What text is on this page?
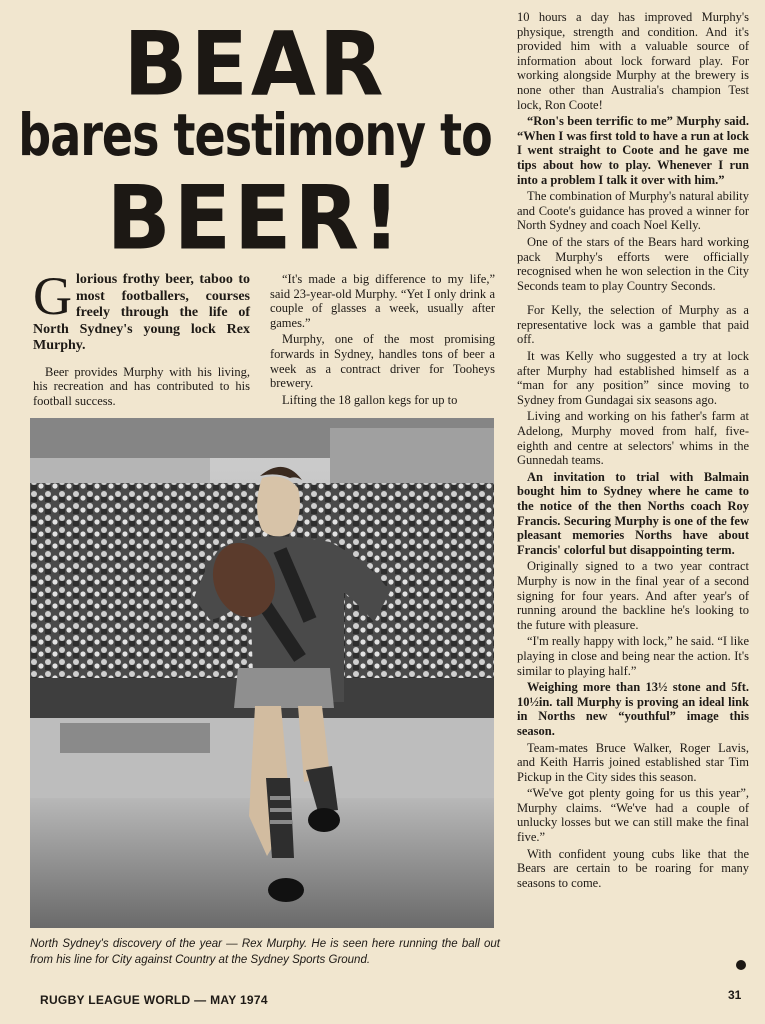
BEAR
bares testimony to
BEER!

Glorious frothy beer, taboo to most footballers, courses freely through the life of North Sydney's young lock Rex Murphy.

Beer provides Murphy with his living, his recreation and has contributed to his football success.

“It's made a big difference to my life,” said 23-year-old Murphy. “Yet I only drink a couple of glasses a week, usually after games.”

Murphy, one of the most promising forwards in Sydney, handles tons of beer a week as a contract driver for Tooheys brewery.

Lifting the 18 gallon kegs for up to

North Sydney's discovery of the year — Rex Murphy. He is seen here running the ball out from his line for City against Country at the Sydney Sports Ground.

10 hours a day has improved Murphy's physique, strength and condition. And it's provided him with a valuable source of information about lock forward play. For working alongside Murphy at the brewery is none other than Australia's champion Test lock, Ron Coote!

“Ron's been terrific to me” Murphy said. “When I was first told to have a run at lock I went straight to Coote and he gave me tips about how to play. Whenever I run into a problem I talk it over with him.”

The combination of Murphy's natural ability and Coote's guidance has proved a winner for North Sydney and coach Noel Kelly.

One of the stars of the Bears hard working pack Murphy's efforts were officially recognised when he won selection in the City Seconds team to play Country Seconds.

For Kelly, the selection of Murphy as a representative lock was a gamble that paid off.

It was Kelly who suggested a try at lock after Murphy had established himself as a “man for any position” since moving to Sydney from Gundagai six seasons ago.

Living and working on his father's farm at Adelong, Murphy moved from half, five-eighth and centre at selectors' whims in the Gunnedah teams.

An invitation to trial with Balmain bought him to Sydney where he came to the notice of the then Norths coach Roy Francis. Securing Murphy is one of the few pleasant memories Norths have about Francis' colorful but disappointing term.

Originally signed to a two year contract Murphy is now in the final year of a second signing for four years. And after year's of running around the backline he's looking to the future with pleasure.

“I'm really happy with lock,” he said. “I like playing in close and being near the action. It's similar to playing half.”

Weighing more than 13½ stone and 5ft. 10½in. tall Murphy is proving an ideal link in Norths new “youthful” image this season.

Team-mates Bruce Walker, Roger Lavis, and Keith Harris joined established star Tim Pickup in the City sides this season.

“We've got plenty going for us this year”, Murphy claims. “We've had a couple of unlucky losses but we can still make the final five.”

With confident young cubs like that the Bears are certain to be roaring for many seasons to come.

RUGBY LEAGUE WORLD — MAY 1974	31
